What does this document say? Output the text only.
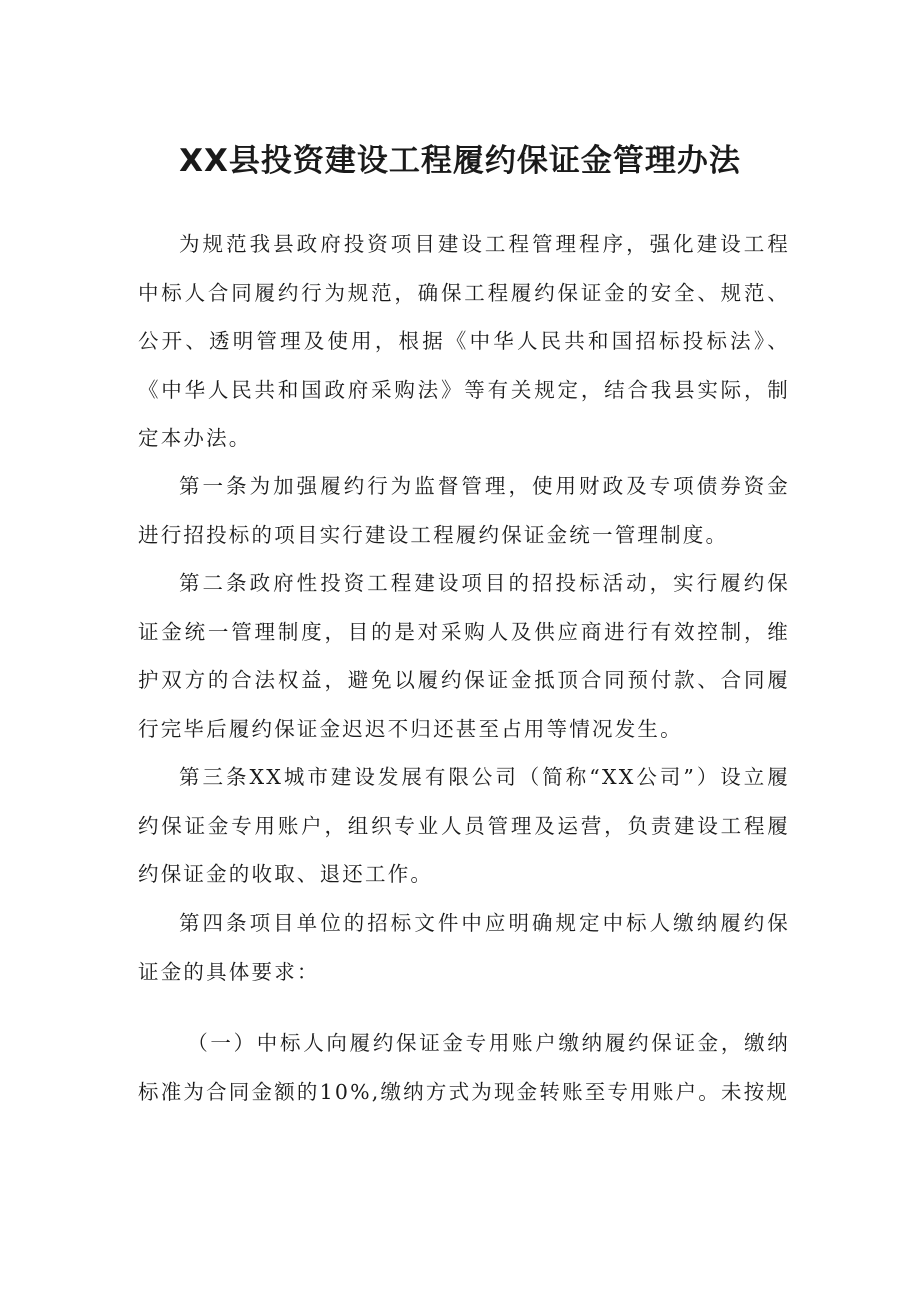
XX县投资建设工程履约保证金管理办法

为规范我县政府投资项目建设工程管理程序，强化建设工程中标人合同履约行为规范，确保工程履约保证金的安全、规范、公开、透明管理及使用，根据《中华人民共和国招标投标法》、《中华人民共和国政府采购法》等有关规定，结合我县实际，制定本办法。

第一条为加强履约行为监督管理，使用财政及专项债券资金进行招投标的项目实行建设工程履约保证金统一管理制度。

第二条政府性投资工程建设项目的招投标活动，实行履约保证金统一管理制度，目的是对采购人及供应商进行有效控制，维护双方的合法权益，避免以履约保证金抵顶合同预付款、合同履行完毕后履约保证金迟迟不归还甚至占用等情况发生。

第三条XX城市建设发展有限公司（简称“XX公司”）设立履约保证金专用账户，组织专业人员管理及运营，负责建设工程履约保证金的收取、退还工作。

第四条项目单位的招标文件中应明确规定中标人缴纳履约保证金的具体要求：

（一）中标人向履约保证金专用账户缴纳履约保证金，缴纳标准为合同金额的10%,缴纳方式为现金转账至专用账户。未按规
